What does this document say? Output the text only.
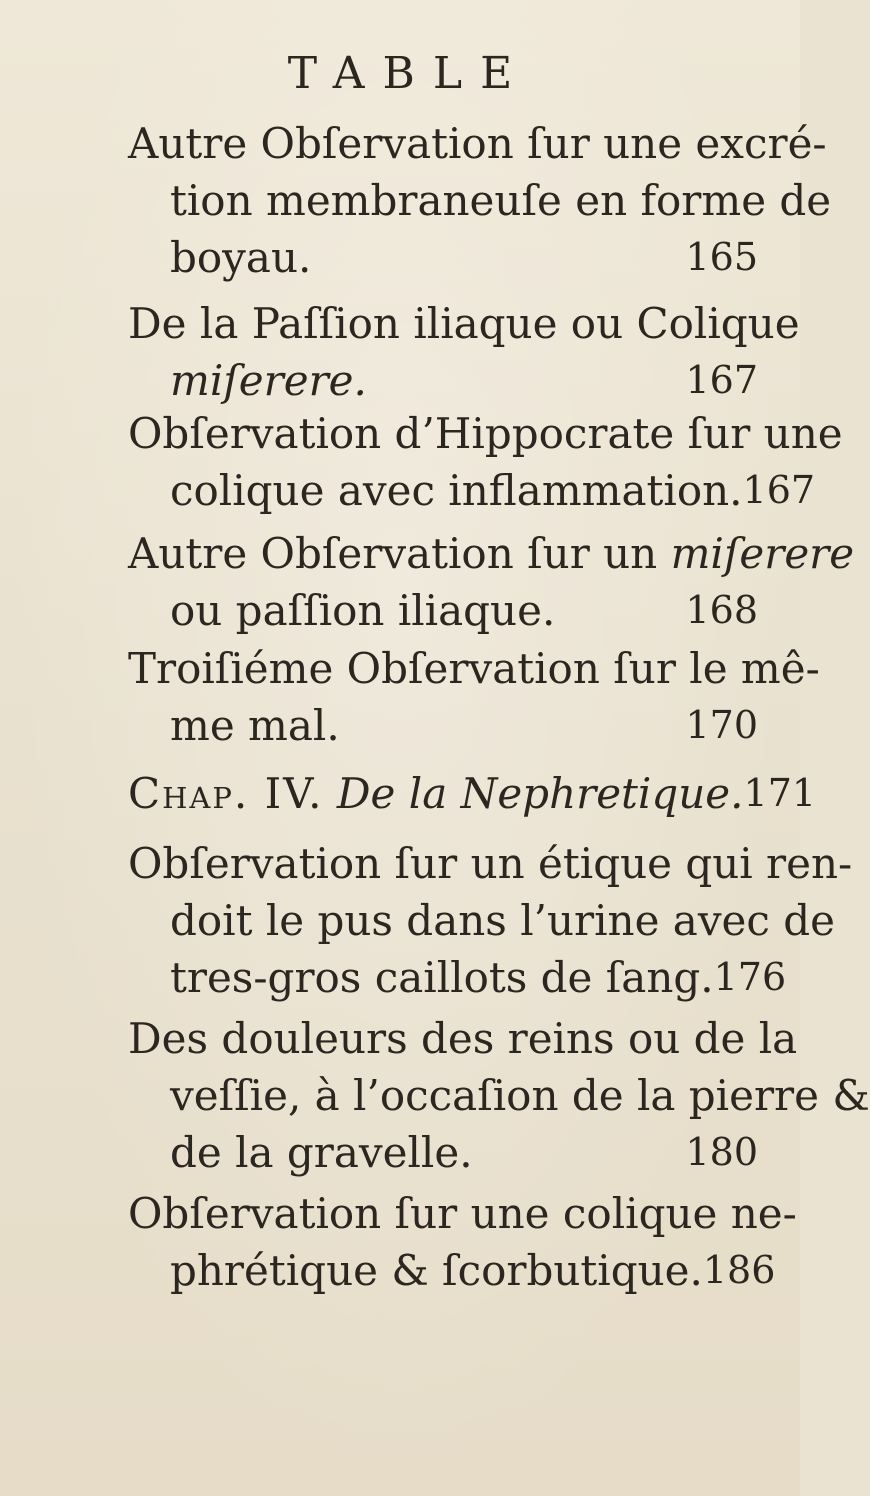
TABLE
Autre Obſervation ſur une excré-
tion membraneuſe en forme de
boyau.	165
De la Paſſion iliaque ou Colique
miſerere.	167
Obſervation d’Hippocrate ſur une
colique avec inflammation. 167
Autre Obſervation ſur un miſerere
ou paſſion iliaque.	168
Troiſiéme Obſervation ſur le mê-
me mal.	170
Chap. IV. De la Nephretique. 171
Obſervation ſur un étique qui ren-
doit le pus dans l’urine avec de
tres-gros caillots de ſang. 176
Des douleurs des reins ou de la
veſſie, à l’occaſion de la pierre &
de la gravelle.	180
Obſervation ſur une colique ne-
phrétique & ſcorbutique. 186
